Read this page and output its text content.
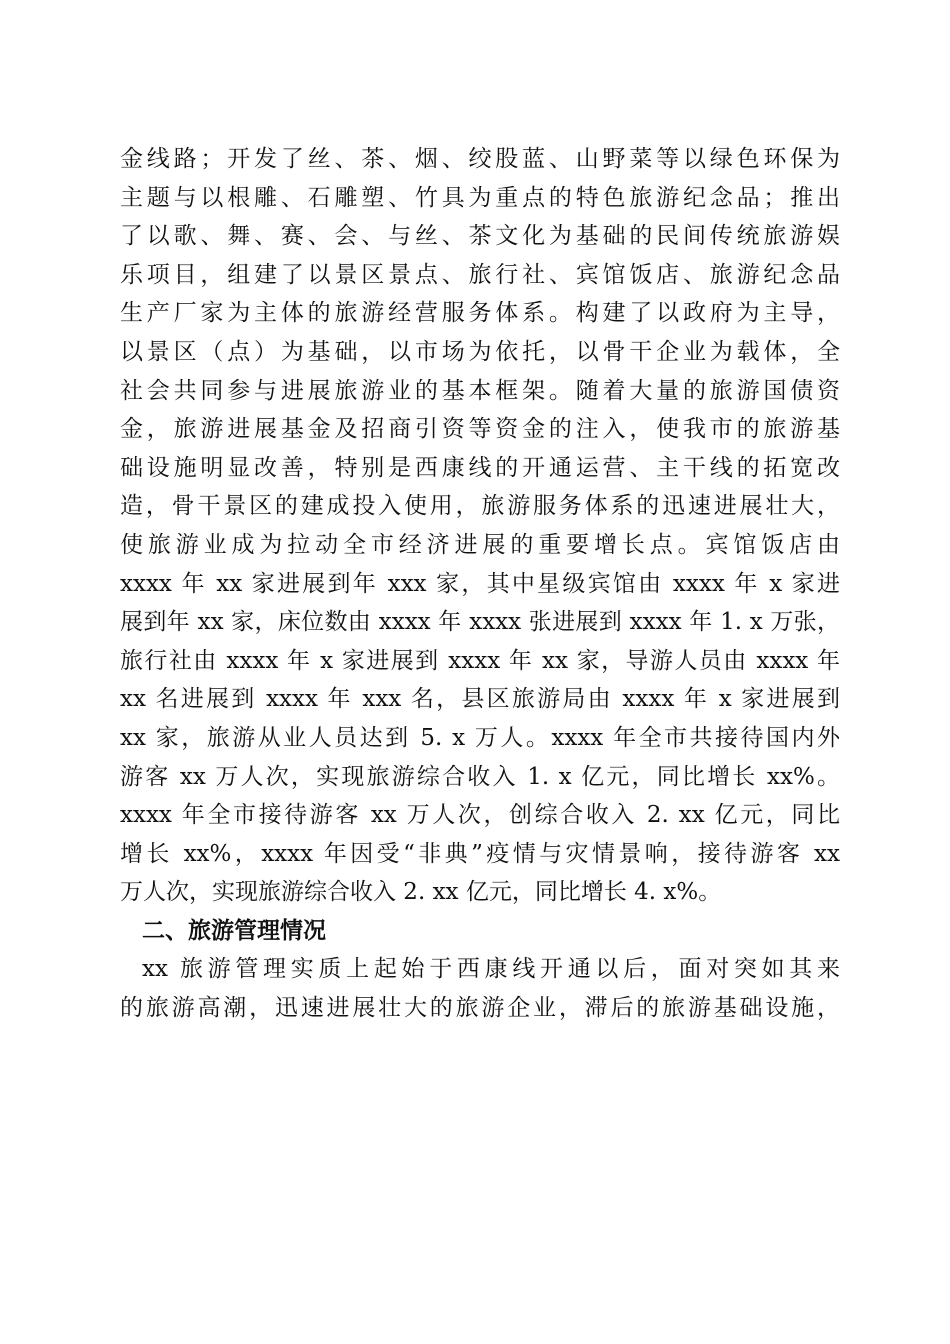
金线路；开发了丝、茶、烟、绞股蓝、山野菜等以绿色环保为
主题与以根雕、石雕塑、竹具为重点的特色旅游纪念品；推出
了以歌、舞、赛、会、与丝、茶文化为基础的民间传统旅游娱
乐项目，组建了以景区景点、旅行社、宾馆饭店、旅游纪念品
生产厂家为主体的旅游经营服务体系。构建了以政府为主导，
以景区（点）为基础，以市场为依托，以骨干企业为载体，全
社会共同参与进展旅游业的基本框架。随着大量的旅游国债资
金，旅游进展基金及招商引资等资金的注入，使我市的旅游基
础设施明显改善，特别是西康线的开通运营、主干线的拓宽改
造，骨干景区的建成投入使用，旅游服务体系的迅速进展壮大，
使旅游业成为拉动全市经济进展的重要增长点。宾馆饭店由
xxxx 年 xx 家进展到年 xxx 家，其中星级宾馆由 xxxx 年 x 家进
展到年 xx 家，床位数由 xxxx 年 xxxx 张进展到 xxxx 年 1. x 万张，
旅行社由 xxxx 年 x 家进展到 xxxx 年 xx 家，导游人员由 xxxx 年
xx 名进展到 xxxx 年 xxx 名，县区旅游局由 xxxx 年 x 家进展到
xx 家，旅游从业人员达到 5. x 万人。xxxx 年全市共接待国内外
游客 xx 万人次，实现旅游综合收入 1. x 亿元，同比增长 xx%。
xxxx 年全市接待游客 xx 万人次，创综合收入 2. xx 亿元，同比
增长 xx%，xxxx 年因受“非典”疫情与灾情景响，接待游客 xx
万人次，实现旅游综合收入 2. xx 亿元，同比增长 4. x%。
二、旅游管理情况
xx 旅游管理实质上起始于西康线开通以后，面对突如其来
的旅游高潮，迅速进展壮大的旅游企业，滞后的旅游基础设施，
